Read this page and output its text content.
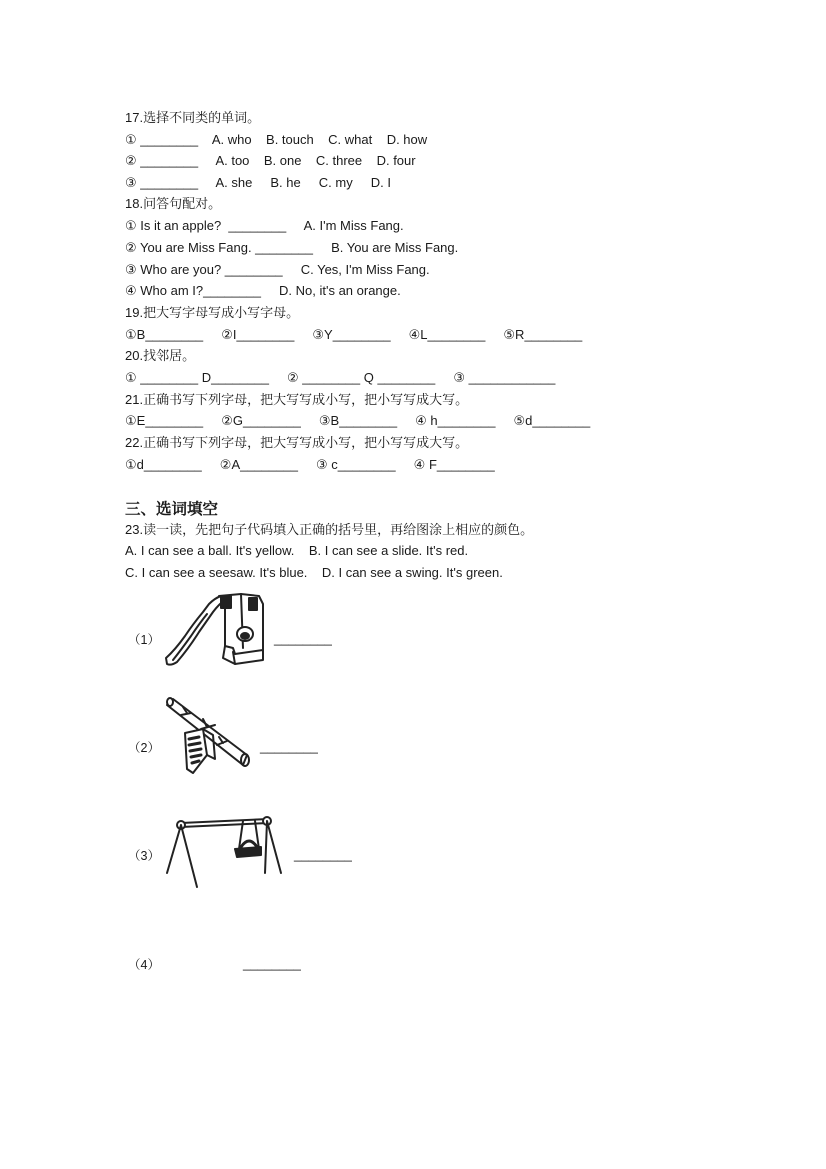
17.选择不同类的单词。
① ________    A. who    B. touch    C. what    D. how
② ________     A. too    B. one    C. three    D. four
③ ________     A. she     B. he     C. my     D. I
18.问答句配对。
① Is it an apple?  ________     A. I'm Miss Fang.
② You are Miss Fang. ________     B. You are Miss Fang.
③ Who are you? ________     C. Yes, I'm Miss Fang.
④ Who am I?________     D. No, it's an orange.
19.把大写字母写成小写字母。
①B________     ②I________     ③Y________     ④L________     ⑤R________
20.找邻居。
① ________ D________     ② ________ Q ________     ③ ____________
21.正确书写下列字母，把大写写成小写，把小写写成大写。
①E________     ②G________     ③B________     ④ h________     ⑤d________
22.正确书写下列字母，把大写写成小写，把小写写成大写。
①d________     ②A________     ③ c________     ④ F________
三、选词填空
23.读一读，先把句子代码填入正确的括号里，再给图涂上相应的颜色。
A. I can see a ball. It's yellow.    B. I can see a slide. It's red.
C. I can see a seesaw. It's blue.    D. I can see a swing. It's green.
（1）	________
（2）	________
（3）	________
（4）	________
